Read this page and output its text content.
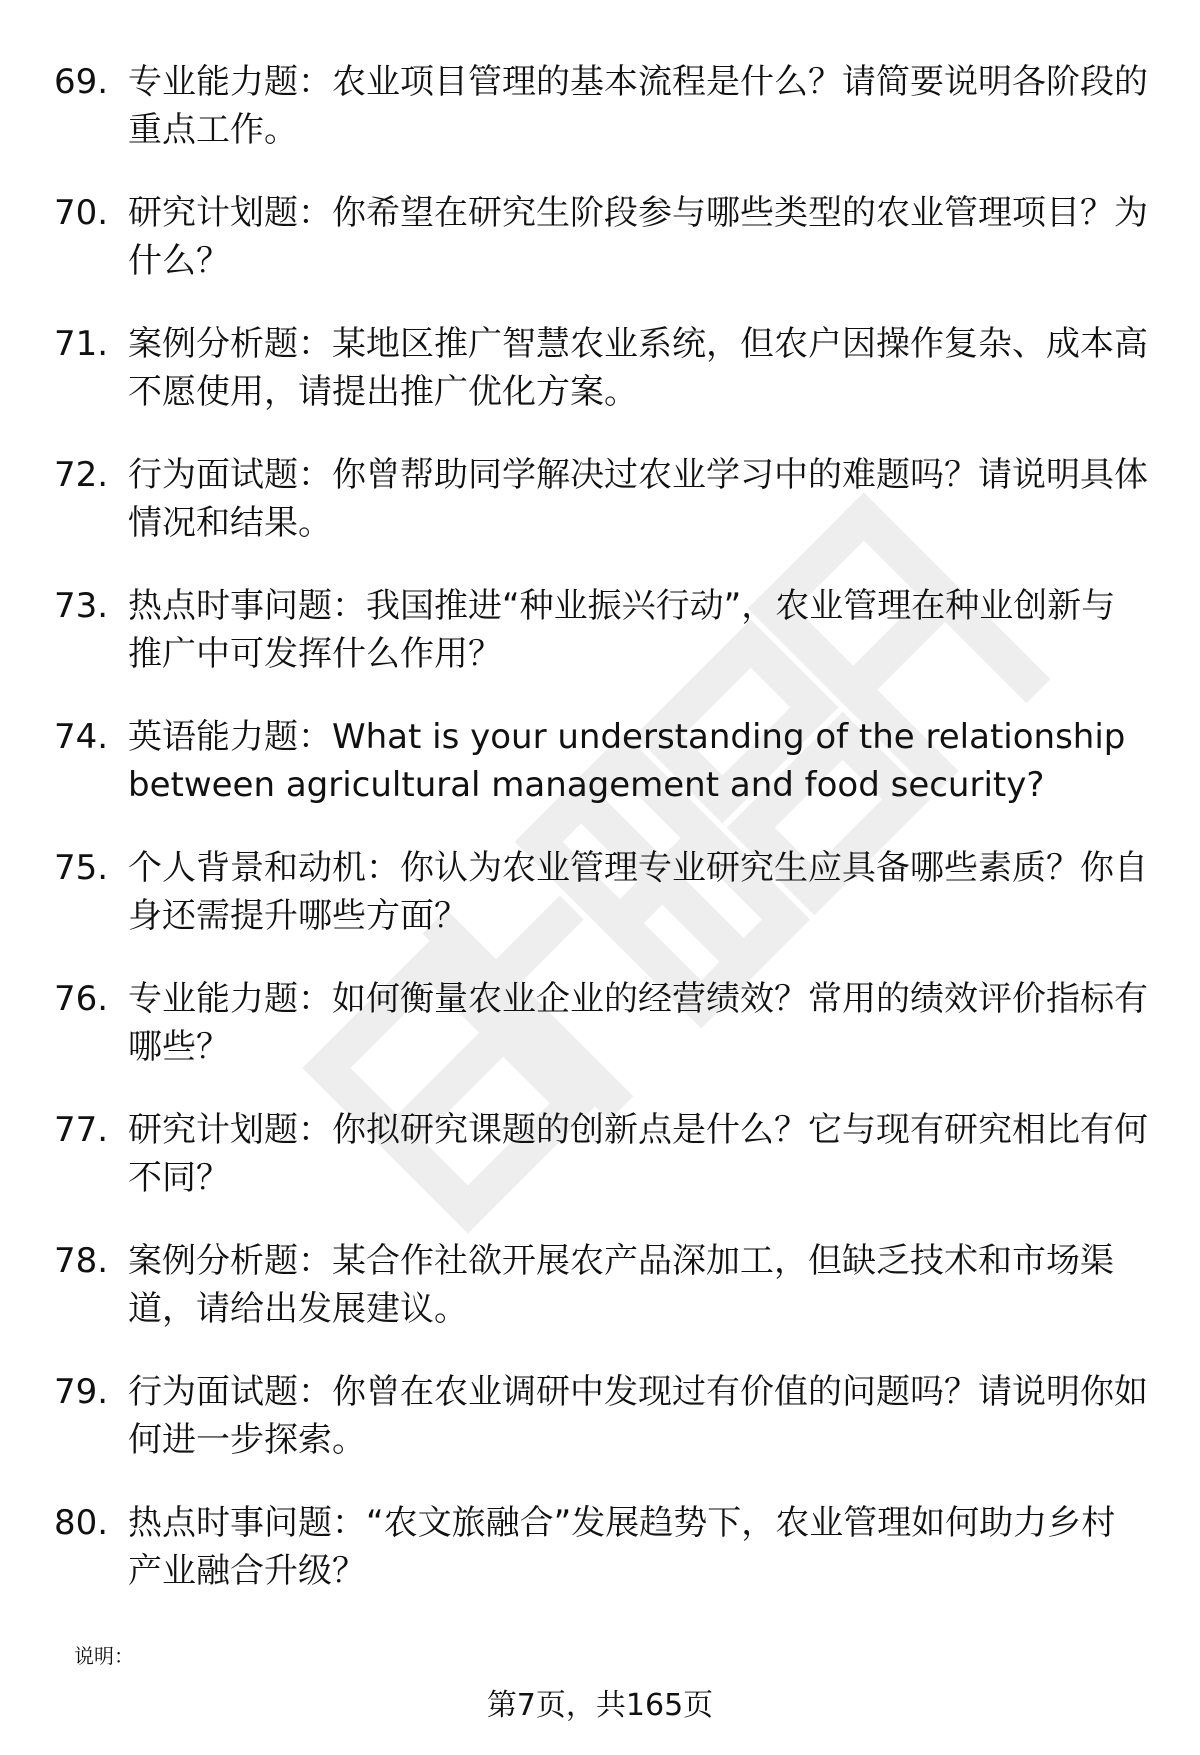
69. 专业能力题：农业项目管理的基本流程是什么？请简要说明各阶段的重点工作。
70. 研究计划题：你希望在研究生阶段参与哪些类型的农业管理项目？为什么？
71. 案例分析题：某地区推广智慧农业系统，但农户因操作复杂、成本高不愿使用，请提出推广优化方案。
72. 行为面试题：你曾帮助同学解决过农业学习中的难题吗？请说明具体情况和结果。
73. 热点时事问题：我国推进“种业振兴行动”，农业管理在种业创新与推广中可发挥什么作用？
74. 英语能力题：What is your understanding of the relationship between agricultural management and food security?
75. 个人背景和动机：你认为农业管理专业研究生应具备哪些素质？你自身还需提升哪些方面？
76. 专业能力题：如何衡量农业企业的经营绩效？常用的绩效评价指标有哪些？
77. 研究计划题：你拟研究课题的创新点是什么？它与现有研究相比有何不同？
78. 案例分析题：某合作社欲开展农产品深加工，但缺乏技术和市场渠道，请给出发展建议。
79. 行为面试题：你曾在农业调研中发现过有价值的问题吗？请说明你如何进一步探索。
80. 热点时事问题：“农文旅融合”发展趋势下，农业管理如何助力乡村产业融合升级？
说明：
第7页，共165页
